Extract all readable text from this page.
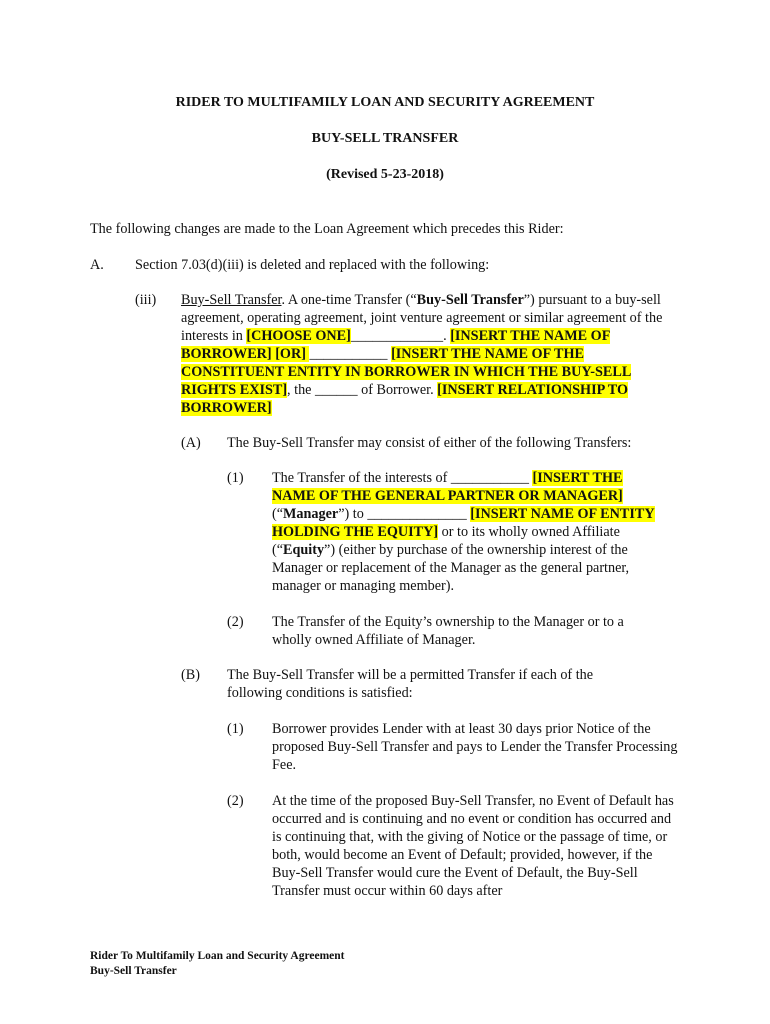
RIDER TO MULTIFAMILY LOAN AND SECURITY AGREEMENT
BUY-SELL TRANSFER
(Revised 5-23-2018)
The following changes are made to the Loan Agreement which precedes this Rider:
A. Section 7.03(d)(iii) is deleted and replaced with the following:
(iii) Buy-Sell Transfer. A one-time Transfer (“Buy-Sell Transfer”) pursuant to a buy-sell agreement, operating agreement, joint venture agreement or similar agreement of the interests in [CHOOSE ONE]_____________. [INSERT THE NAME OF BORROWER] [OR] ___________ [INSERT THE NAME OF THE CONSTITUENT ENTITY IN BORROWER IN WHICH THE BUY-SELL RIGHTS EXIST], the ______ of Borrower. [INSERT RELATIONSHIP TO BORROWER]
(A) The Buy-Sell Transfer may consist of either of the following Transfers:
(1) The Transfer of the interests of ___________ [INSERT THE NAME OF THE GENERAL PARTNER OR MANAGER] (“Manager”) to ______________ [INSERT NAME OF ENTITY HOLDING THE EQUITY] or to its wholly owned Affiliate (“Equity”) (either by purchase of the ownership interest of the Manager or replacement of the Manager as the general partner, manager or managing member).
(2) The Transfer of the Equity’s ownership to the Manager or to a wholly owned Affiliate of Manager.
(B) The Buy-Sell Transfer will be a permitted Transfer if each of the following conditions is satisfied:
(1) Borrower provides Lender with at least 30 days prior Notice of the proposed Buy-Sell Transfer and pays to Lender the Transfer Processing Fee.
(2) At the time of the proposed Buy-Sell Transfer, no Event of Default has occurred and is continuing and no event or condition has occurred and is continuing that, with the giving of Notice or the passage of time, or both, would become an Event of Default; provided, however, if the Buy-Sell Transfer would cure the Event of Default, the Buy-Sell Transfer must occur within 60 days after
Rider To Multifamily Loan and Security Agreement
Buy-Sell Transfer
